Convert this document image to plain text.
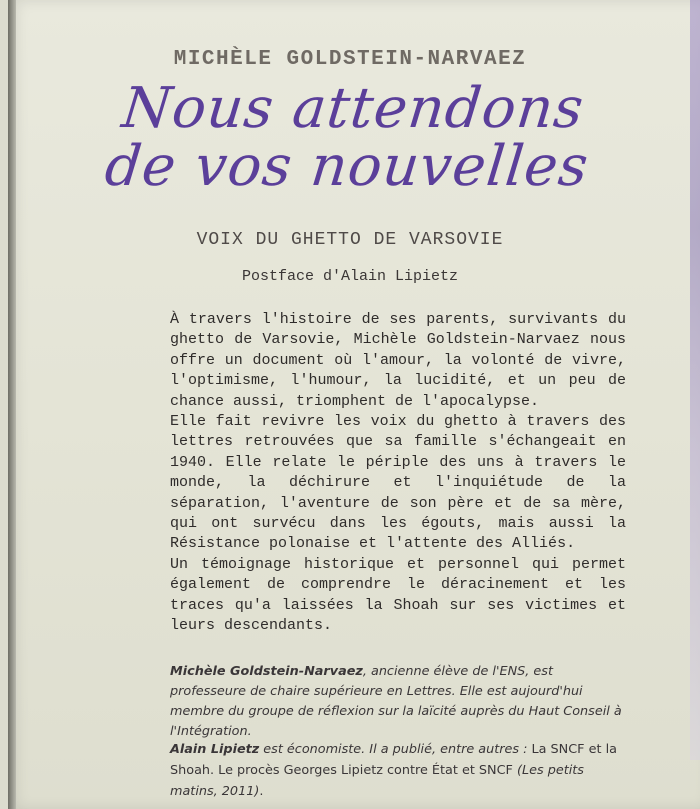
MICHÈLE GOLDSTEIN-NARVAEZ
Nous attendons
de vos nouvelles
VOIX DU GHETTO DE VARSOVIE
Postface d'Alain Lipietz

À travers l'histoire de ses parents, survivants du ghetto de Varsovie, Michèle Goldstein-Narvaez nous offre un document où l'amour, la volonté de vivre, l'optimisme, l'humour, la lucidité, et un peu de chance aussi, triomphent de l'apocalypse.

Elle fait revivre les voix du ghetto à travers des lettres retrouvées que sa famille s'échangeait en 1940. Elle relate le périple des uns à travers le monde, la déchirure et l'inquiétude de la séparation, l'aventure de son père et de sa mère, qui ont survécu dans les égouts, mais aussi la Résistance polonaise et l'attente des Alliés.

Un témoignage historique et personnel qui permet également de comprendre le déracinement et les traces qu'a laissées la Shoah sur ses victimes et leurs descendants.

Michèle Goldstein-Narvaez, ancienne élève de l'ENS, est professeure de chaire supérieure en Lettres. Elle est aujourd'hui membre du groupe de réflexion sur la laïcité auprès du Haut Conseil à l'Intégration.
Alain Lipietz est économiste. Il a publié, entre autres : La SNCF et la Shoah. Le procès Georges Lipietz contre État et SNCF (Les petits matins, 2011).
